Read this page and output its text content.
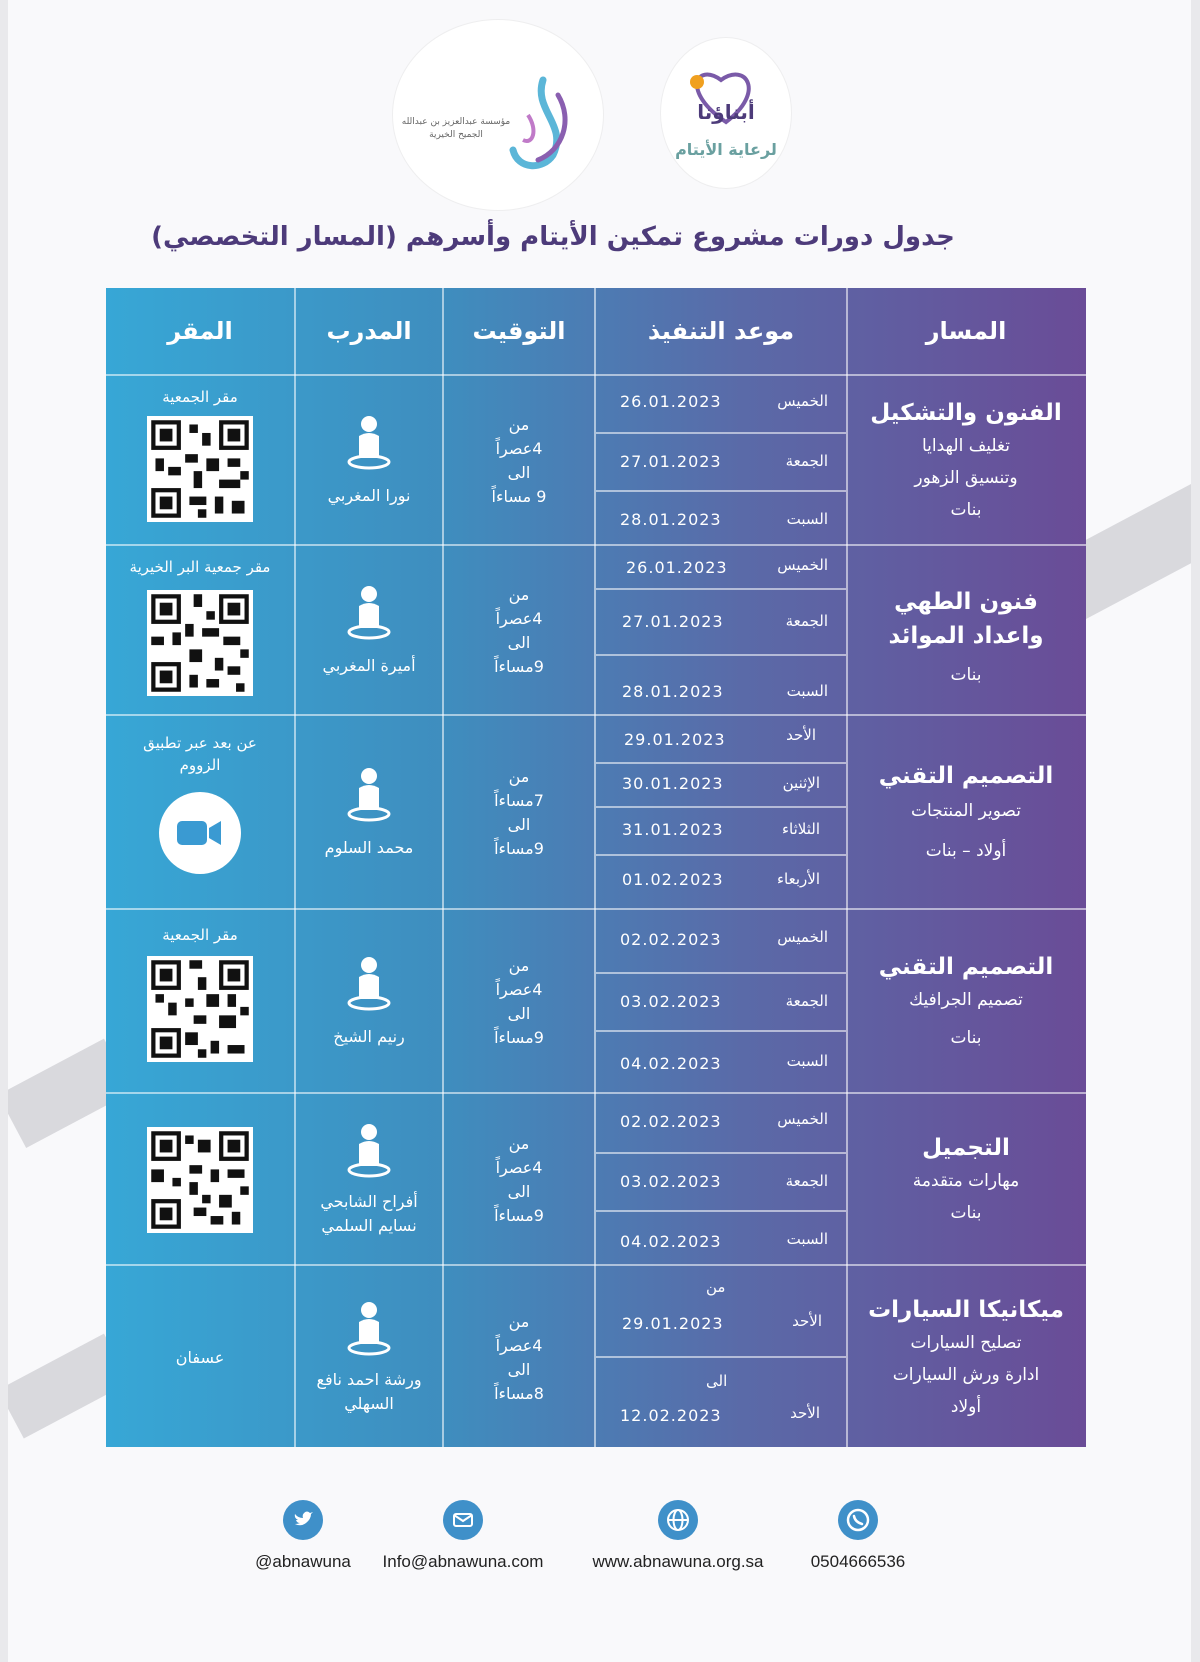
مؤسسة عبدالعزيز بن عبدالله الجميح الخيرية
أبناؤنا
لرعاية الأيتام
جدول دورات مشروع تمكين الأيتام وأسرهم (المسار التخصصي)
المسار
موعد التنفيذ
التوقيت
المدرب
المقر
الفنون والتشكيل
تغليف الهدايا
وتنسيق الزهور
بنات
الخميس
26.01.2023
الجمعة
27.01.2023
السبت
28.01.2023
من
4عصراً
الى
9 مساءاً
نورا المغربي
مقر الجمعية
فنون الطهي
واعداد الموائد
بنات
الخميس
26.01.2023
الجمعة
27.01.2023
السبت
28.01.2023
من
4عصراً
الى
9مساءاً
أميرة المغربي
مقر جمعية البر الخيرية
التصميم التقني
تصوير المنتجات
أولاد – بنات
الأحد
29.01.2023
الإثنين
30.01.2023
الثلاثاء
31.01.2023
الأربعاء
01.02.2023
من
7مساءاً
الى
9مساءاً
محمد السلوم
عن بعد عبر تطبيق الزووم
التصميم التقني
تصميم الجرافيك
بنات
الخميس
02.02.2023
الجمعة
03.02.2023
السبت
04.02.2023
من
4عصراً
الى
9مساءاً
رنيم الشيخ
مقر الجمعية
التجميل
مهارات متقدمة
بنات
الخميس
02.02.2023
الجمعة
03.02.2023
السبت
04.02.2023
من
4عصراً
الى
9مساءاً
أفراح الشابحي
نسايم السلمي
ميكانيكا السيارات
تصليح السيارات
ادارة ورش السيارات
أولاد
من
الأحد
29.01.2023
الى
الأحد
12.02.2023
من
4عصراً
الى
8مساءاً
ورشة احمد نافع
السهلي
عسفان
0504666536
www.abnawuna.org.sa
Info@abnawuna.com
@abnawuna
